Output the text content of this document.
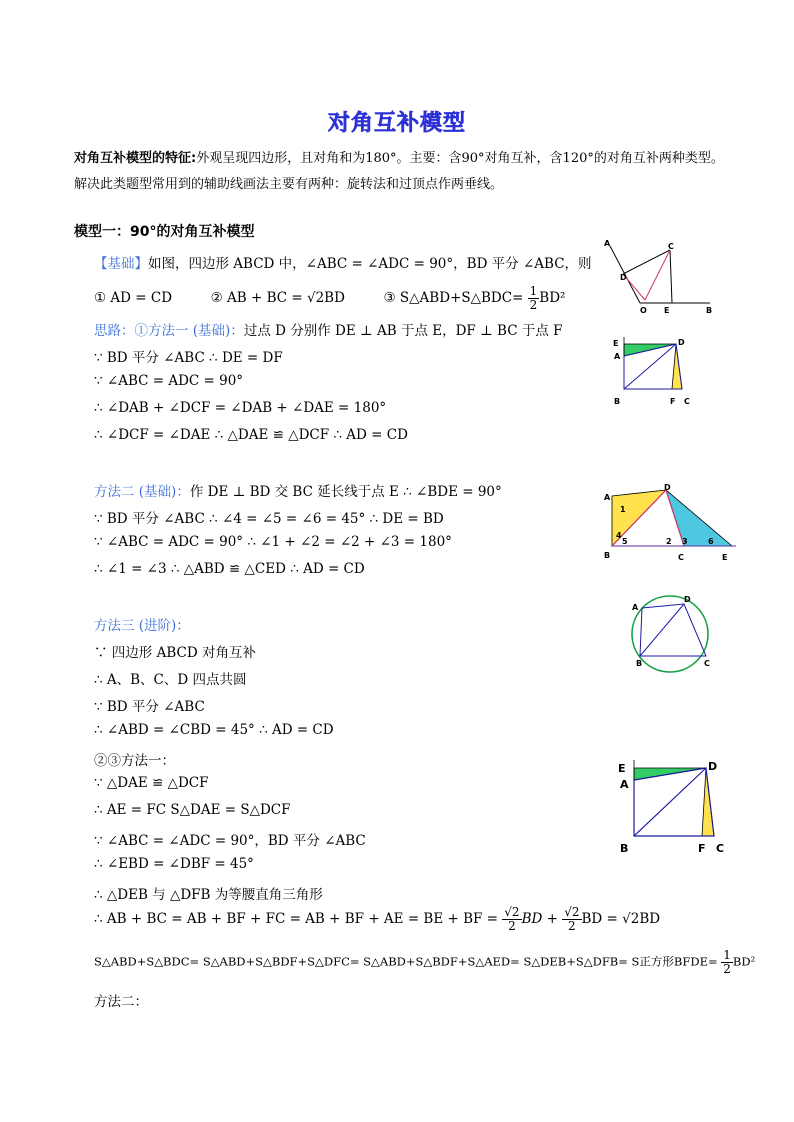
对角互补模型
对角互补模型的特征:外观呈现四边形，且对角和为180°。主要：含90°对角互补，含120°的对角互补两种类型。解决此类题型常用到的辅助线画法主要有两种：旋转法和过顶点作两垂线。
模型一：90°的对角互补模型
【基础】如图，四边形 ABCD 中，∠ABC = ∠ADC = 90°，BD 平分 ∠ABC，则
① AD = CD	② AB + BC = √2BD	③ S△ABD+S△BDC= $\frac{1}{2} BD^2$
思路：①方法一 (基础)：过点 D 分别作 DE ⊥ AB 于点 E，DF ⊥ BC 于点 F
∵ BD 平分 ∠ABC ∴ DE = DF
∵ ∠ABC = ADC = 90°
∴ ∠DAB + ∠DCF = ∠DAB + ∠DAE = 180°
∴ ∠DCF = ∠DAE ∴ △DAE ≌ △DCF ∴ AD = CD
方法二 (基础)：作 DE ⊥ BD 交 BC 延长线于点 E ∴ ∠BDE = 90°
∵ BD 平分 ∠ABC ∴ ∠4 = ∠5 = ∠6 = 45° ∴ DE = BD
∵ ∠ABC = ADC = 90° ∴ ∠1 + ∠2 = ∠2 + ∠3 = 180°
∴ ∠1 = ∠3 ∴ △ABD ≌ △CED ∴ AD = CD
方法三 (进阶)：
∵ 四边形 ABCD 对角互补
∴ A、B、C、D 四点共圆
∵ BD 平分 ∠ABC
∴ ∠ABD = ∠CBD = 45° ∴ AD = CD
②③方法一：
∵ △DAE ≌ △DCF
∴ AE = FC S△DAE = S△DCF
∵ ∠ABC = ∠ADC = 90°，BD 平分 ∠ABC
∴ ∠EBD = ∠DBF = 45°
∴ △DEB 与 △DFB 为等腰直角三角形
∴ AB + BC = AB + BF + FC = AB + BF + AE = BE + BF = $\frac{√2}{2}$ BD + $\frac{√2}{2}$ BD = √2BD
S△ABD+S△BDC= S△ABD+S△BDF+S△DFC= S△ABD+S△BDF+S△AED= S△DEB+S△DFB= S正方形BFDE= $\frac{1}{2} BD^2$
方法二：
A	C
D
O E	B
E
A
D
B	F C
A
D
1
4
5	2 3	6
B	C	E
A
D
B	C
E
A
D
B	F C
